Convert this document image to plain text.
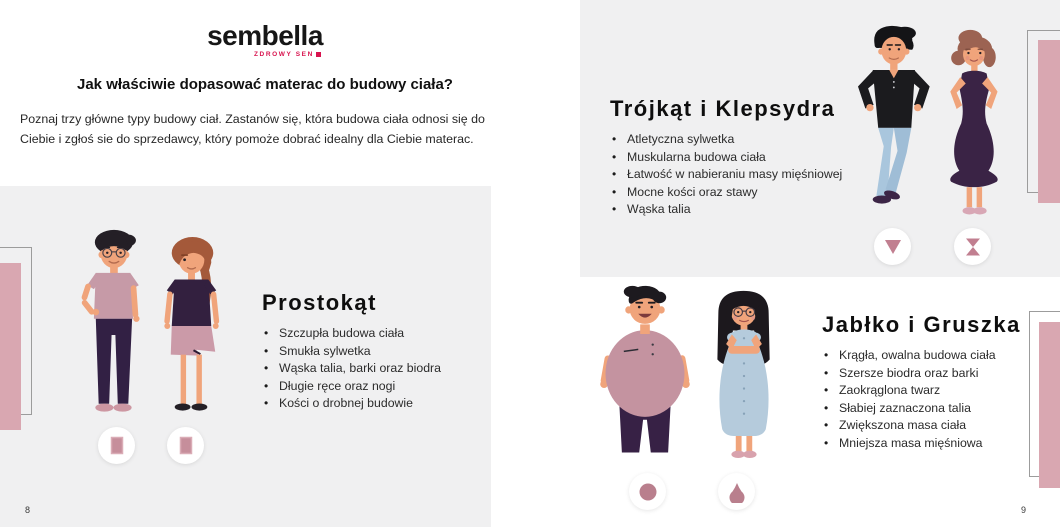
sembella
ZDROWY SEN
Jak właściwie dopasować materac do budowy ciała?
Poznaj trzy główne typy budowy ciał. Zastanów się, która budowa ciała odnosi się do Ciebie i zgłoś sie do sprzedawcy, który pomoże dobrać idealny dla Ciebie materac.
Prostokąt
• Szczupła budowa ciała
• Smukła sylwetka
• Wąska talia, barki oraz biodra
• Długie ręce oraz nogi
• Kości o drobnej budowie
8
Trójkąt i Klepsydra
• Atletyczna sylwetka
• Muskularna budowa ciała
• Łatwość w nabieraniu masy mięśniowej
• Mocne kości oraz stawy
• Wąska talia
Jabłko i Gruszka
• Krągła, owalna budowa ciała
• Szersze biodra oraz barki
• Zaokrąglona twarz
• Słabiej zaznaczona talia
• Zwiększona masa ciała
• Mniejsza masa mięśniowa
9
